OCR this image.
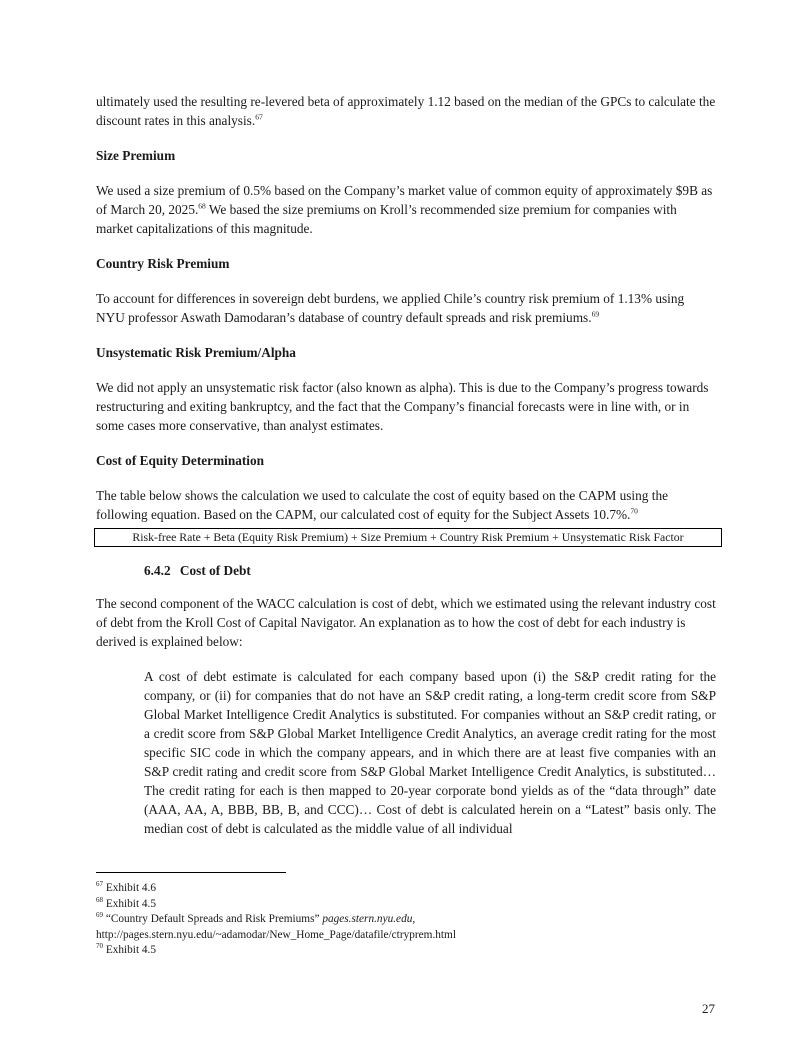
ultimately used the resulting re-levered beta of approximately 1.12 based on the median of the GPCs to calculate the discount rates in this analysis.$^{67}$

Size Premium

We used a size premium of 0.5% based on the Company’s market value of common equity of approximately $9B as of March 20, 2025.68 We based the size premiums on Kroll’s recommended size premium for companies with market capitalizations of this magnitude.

Country Risk Premium

To account for differences in sovereign debt burdens, we applied Chile’s country risk premium of 1.13% using NYU professor Aswath Damodaran’s database of country default spreads and risk premiums.$^{69}$

Unsystematic Risk Premium/Alpha

We did not apply an unsystematic risk factor (also known as alpha). This is due to the Company’s progress towards restructuring and exiting bankruptcy, and the fact that the Company’s financial forecasts were in line with, or in some cases more conservative, than analyst estimates.

Cost of Equity Determination

The table below shows the calculation we used to calculate the cost of equity based on the CAPM using the following equation. Based on the CAPM, our calculated cost of equity for the Subject Assets 10.7%.$^{70}$

Risk-free Rate + Beta (Equity Risk Premium) + Size Premium + Country Risk Premium + Unsystematic Risk Factor
6.4.2 Cost of Debt

The second component of the WACC calculation is cost of debt, which we estimated using the relevant industry cost of debt from the Kroll Cost of Capital Navigator. An explanation as to how the cost of debt for each industry is derived is explained below:

A cost of debt estimate is calculated for each company based upon (i) the S&P credit rating for the company, or (ii) for companies that do not have an S&P credit rating, a long-term credit score from S&P Global Market Intelligence Credit Analytics is substituted. For companies without an S&P credit rating, or a credit score from S&P Global Market Intelligence Credit Analytics, an average credit rating for the most specific SIC code in which the company appears, and in which there are at least five companies with an S&P credit rating and credit score from S&P Global Market Intelligence Credit Analytics, is substituted…The credit rating for each is then mapped to 20-year corporate bond yields as of the “data through” date (AAA, AA, A, BBB, BB, B, and CCC)… Cost of debt is calculated herein on a “Latest” basis only. The median cost of debt is calculated as the middle value of all individual

$^{67}$ Exhibit 4.6

$^{68}$ Exhibit 4.5

$^{69}$ “Country Default Spreads and Risk Premiums” pages.stern.nyu.edu,

http://pages.stern.nyu.edu/~adamodar/New_Home_Page/datafile/ctryprem.html

$^{70}$ Exhibit 4.5

27
